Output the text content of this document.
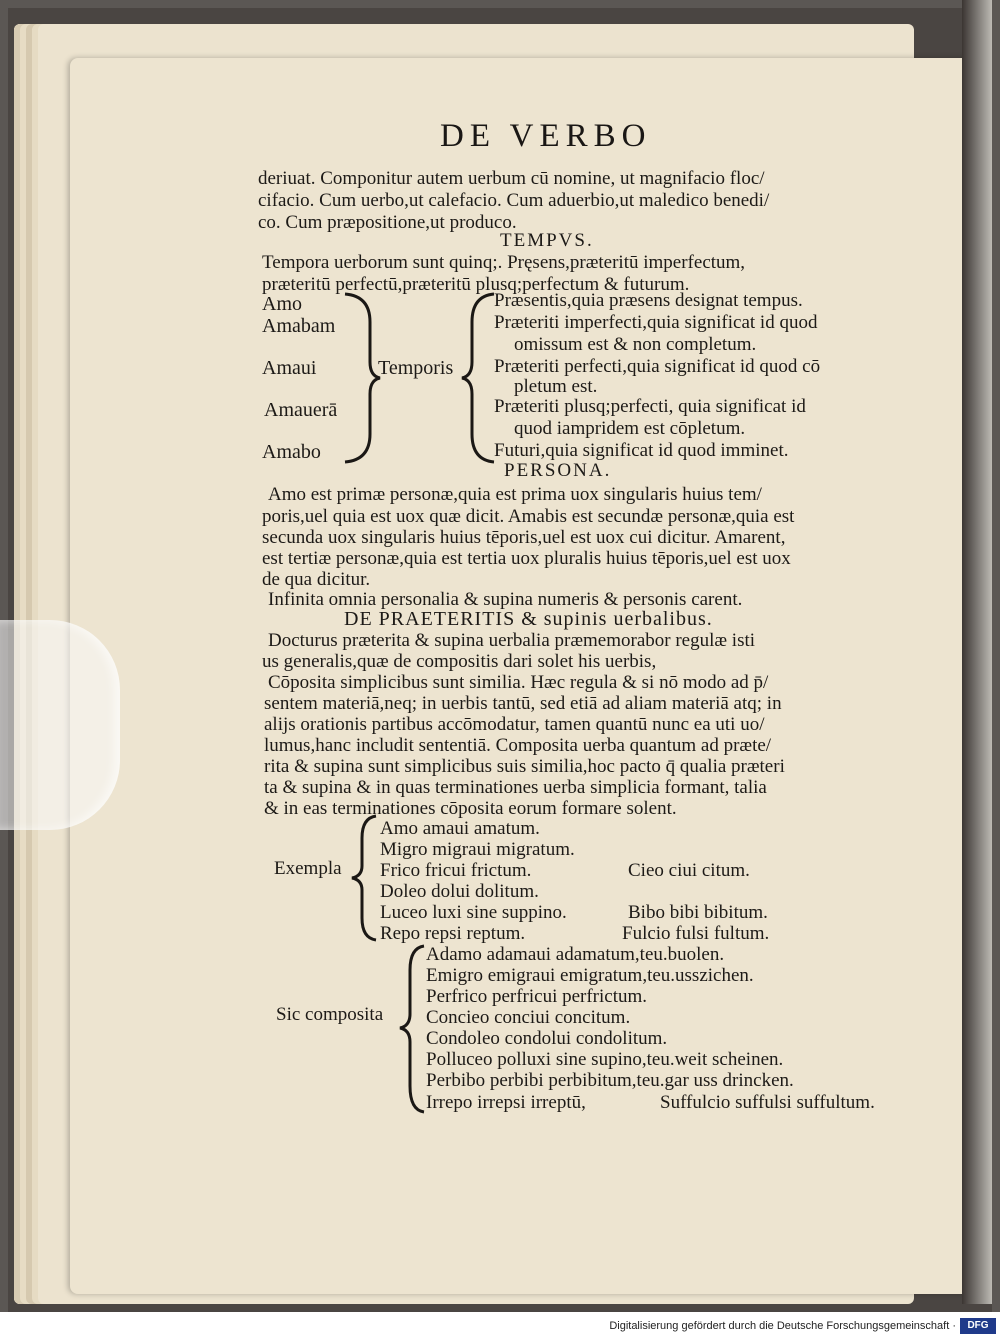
DE VERBO
deriuat. Componitur autem uerbum cū nomine, ut magnifacio floc/
cifacio. Cum uerbo,ut calefacio. Cum aduerbio,ut maledico benedi/
co. Cum præpositione,ut produco.
TEMPVS.
Tempora uerborum sunt quinq;. Pręsens,præteritū imperfectum,
præteritū perfectū,præteritū plusq;perfectum & futurum.
Amo
Amabam
Amaui
Amauerā
Amabo
Temporis
Præsentis,quia præsens designat tempus.
Præteriti imperfecti,quia significat id quod
omissum est & non completum.
Præteriti perfecti,quia significat id quod cō
pletum est.
Præteriti plusq;perfecti, quia significat id
quod iampridem est cōpletum.
Futuri,quia significat id quod imminet.
PERSONA.
Amo est primæ personæ,quia est prima uox singularis huius tem/
poris,uel quia est uox quæ dicit. Amabis est secundæ personæ,quia est
secunda uox singularis huius tēporis,uel est uox cui dicitur. Amarent,
est tertiæ personæ,quia est tertia uox pluralis huius tēporis,uel est uox
de qua dicitur.
Infinita omnia personalia & supina numeris & personis carent.
DE PRAETERITIS & supinis uerbalibus.
Docturus præterita & supina uerbalia præmemorabor regulæ isti
us generalis,quæ de compositis dari solet his uerbis,
Cōposita simplicibus sunt similia. Hæc regula & si nō modo ad p̄/
sentem materiā,neq; in uerbis tantū, sed etiā ad aliam materiā atq; in
alijs orationis partibus accōmodatur, tamen quantū nunc ea uti uo/
lumus,hanc includit sententiā. Composita uerba quantum ad præte/
rita & supina sunt simplicibus suis similia,hoc pacto q̄ qualia præteri
ta & supina & in quas terminationes uerba simplicia formant, talia
& in eas terminationes cōposita eorum formare solent.
Exempla
Amo amaui amatum.
Migro migraui migratum.
Frico fricui frictum.
Doleo dolui dolitum.
Luceo luxi sine suppino.
Repo repsi reptum.
Cieo ciui citum.
Bibo bibi bibitum.
Fulcio fulsi fultum.
Sic composita
Adamo adamaui adamatum,teu.buolen.
Emigro emigraui emigratum,teu.usszichen.
Perfrico perfricui perfrictum.
Concieo conciui concitum.
Condoleo condolui condolitum.
Polluceo polluxi sine supino,teu.weit scheinen.
Perbibo perbibi perbibitum,teu.gar uss drincken.
Irrepo irrepsi irreptū,	Suffulcio suffulsi suffultum.
Digitalisierung gefördert durch die Deutsche Forschungsgemeinschaft ·	DFG
